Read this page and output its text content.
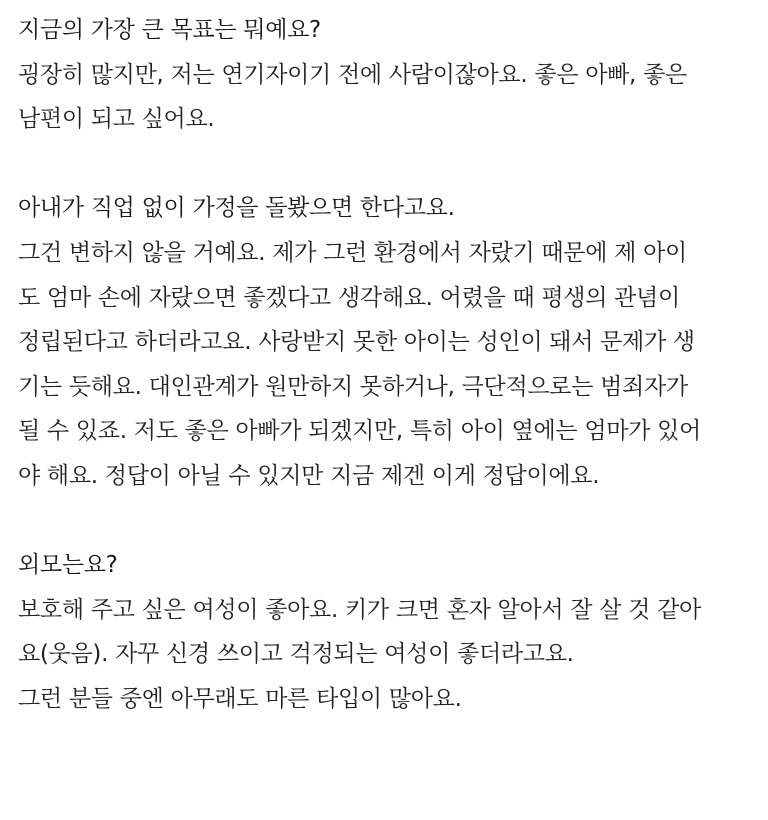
지금의 가장 큰 목표는 뭐예요?
굉장히 많지만, 저는 연기자이기 전에 사람이잖아요. 좋은 아빠, 좋은
남편이 되고 싶어요.
아내가 직업 없이 가정을 돌봤으면 한다고요.
그건 변하지 않을 거예요. 제가 그런 환경에서 자랐기 때문에 제 아이
도 엄마 손에 자랐으면 좋겠다고 생각해요. 어렸을 때 평생의 관념이
정립된다고 하더라고요. 사랑받지 못한 아이는 성인이 돼서 문제가 생
기는 듯해요. 대인관계가 원만하지 못하거나, 극단적으로는 범죄자가
될 수 있죠. 저도 좋은 아빠가 되겠지만, 특히 아이 옆에는 엄마가 있어
야 해요. 정답이 아닐 수 있지만 지금 제겐 이게 정답이에요.
외모는요?
보호해 주고 싶은 여성이 좋아요. 키가 크면 혼자 알아서 잘 살 것 같아
요(웃음). 자꾸 신경 쓰이고 걱정되는 여성이 좋더라고요.
그런 분들 중엔 아무래도 마른 타입이 많아요.
